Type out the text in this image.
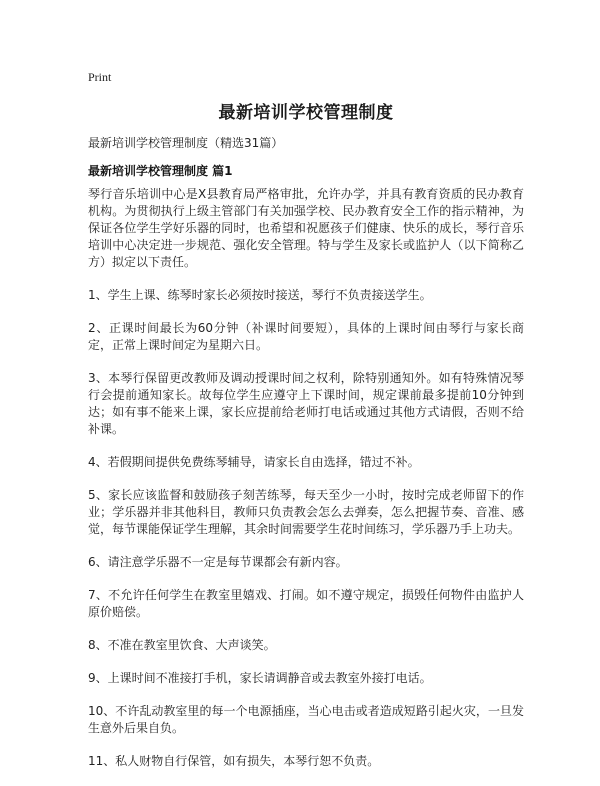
Print
最新培训学校管理制度
最新培训学校管理制度（精选31篇）
最新培训学校管理制度 篇1

琴行音乐培训中心是X县教育局严格审批，允许办学，并具有教育资质的民办教育机构。为贯彻执行上级主管部门有关加强学校、民办教育安全工作的指示精神，为保证各位学生学好乐器的同时，也希望和祝愿孩子们健康、快乐的成长，琴行音乐培训中心决定进一步规范、强化安全管理。特与学生及家长或监护人（以下简称乙方）拟定以下责任。

1、学生上课、练琴时家长必须按时接送，琴行不负责接送学生。

2、正课时间最长为60分钟（补课时间要短），具体的上课时间由琴行与家长商定，正常上课时间定为星期六日。

3、本琴行保留更改教师及调动授课时间之权利，除特别通知外。如有特殊情况琴行会提前通知家长。故每位学生应遵守上下课时间，规定课前最多提前10分钟到达；如有事不能来上课，家长应提前给老师打电话或通过其他方式请假，否则不给补课。

4、若假期间提供免费练琴辅导，请家长自由选择，错过不补。

5、家长应该监督和鼓励孩子刻苦练琴，每天至少一小时，按时完成老师留下的作业；学乐器并非其他科目，教师只负责教会怎么去弹奏，怎么把握节奏、音准、感觉，每节课能保证学生理解，其余时间需要学生花时间练习，学乐器乃手上功夫。

6、请注意学乐器不一定是每节课都会有新内容。

7、不允许任何学生在教室里嬉戏、打闹。如不遵守规定，损毁任何物件由监护人原价赔偿。

8、不准在教室里饮食、大声谈笑。

9、上课时间不准接打手机，家长请调静音或去教室外接打电话。

10、不许乱动教室里的每一个电源插座，当心电击或者造成短路引起火灾，一旦发生意外后果自负。

11、私人财物自行保管，如有损失，本琴行恕不负责。
